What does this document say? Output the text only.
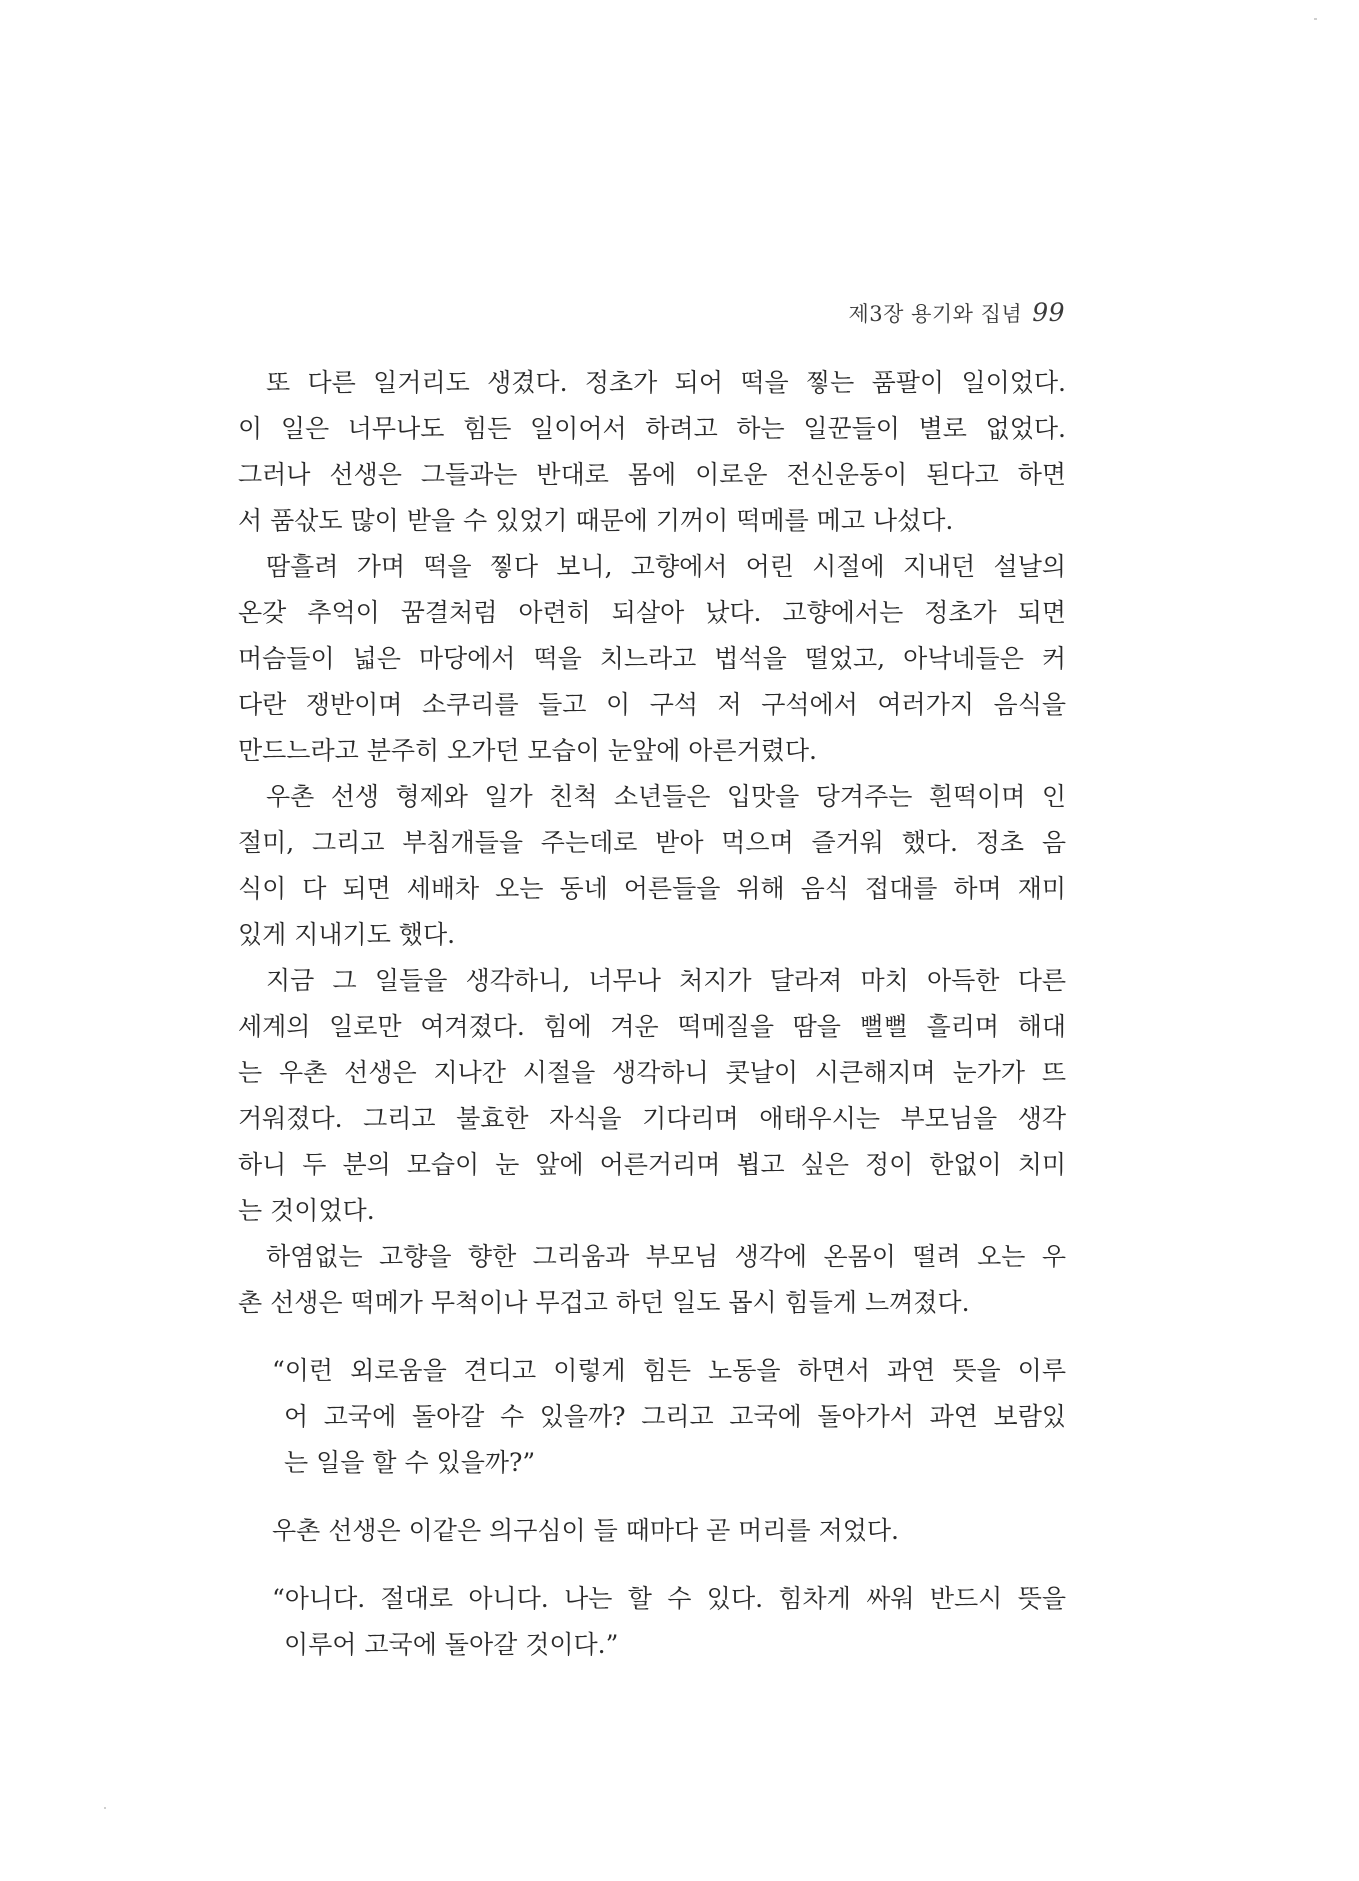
제3장 용기와 집념 99
또 다른 일거리도 생겼다. 정초가 되어 떡을 찧는 품팔이 일이었다.
이 일은 너무나도 힘든 일이어서 하려고 하는 일꾼들이 별로 없었다.
그러나 선생은 그들과는 반대로 몸에 이로운 전신운동이 된다고 하면
서 품삯도 많이 받을 수 있었기 때문에 기꺼이 떡메를 메고 나섰다.
땀흘려 가며 떡을 찧다 보니, 고향에서 어린 시절에 지내던 설날의
온갖 추억이 꿈결처럼 아련히 되살아 났다. 고향에서는 정초가 되면
머슴들이 넓은 마당에서 떡을 치느라고 법석을 떨었고, 아낙네들은 커
다란 쟁반이며 소쿠리를 들고 이 구석 저 구석에서 여러가지 음식을
만드느라고 분주히 오가던 모습이 눈앞에 아른거렸다.
우촌 선생 형제와 일가 친척 소년들은 입맛을 당겨주는 흰떡이며 인
절미, 그리고 부침개들을 주는데로 받아 먹으며 즐거워 했다. 정초 음
식이 다 되면 세배차 오는 동네 어른들을 위해 음식 접대를 하며 재미
있게 지내기도 했다.
지금 그 일들을 생각하니, 너무나 처지가 달라져 마치 아득한 다른
세계의 일로만 여겨졌다. 힘에 겨운 떡메질을 땀을 뻘뻘 흘리며 해대
는 우촌 선생은 지나간 시절을 생각하니 콧날이 시큰해지며 눈가가 뜨
거워졌다. 그리고 불효한 자식을 기다리며 애태우시는 부모님을 생각
하니 두 분의 모습이 눈 앞에 어른거리며 뵙고 싶은 정이 한없이 치미
는 것이었다.
하염없는 고향을 향한 그리움과 부모님 생각에 온몸이 떨려 오는 우
촌 선생은 떡메가 무척이나 무겁고 하던 일도 몹시 힘들게 느껴졌다.
“이런 외로움을 견디고 이렇게 힘든 노동을 하면서 과연 뜻을 이루
어 고국에 돌아갈 수 있을까? 그리고 고국에 돌아가서 과연 보람있
는 일을 할 수 있을까?”
우촌 선생은 이같은 의구심이 들 때마다 곧 머리를 저었다.
“아니다. 절대로 아니다. 나는 할 수 있다. 힘차게 싸워 반드시 뜻을
이루어 고국에 돌아갈 것이다.”
